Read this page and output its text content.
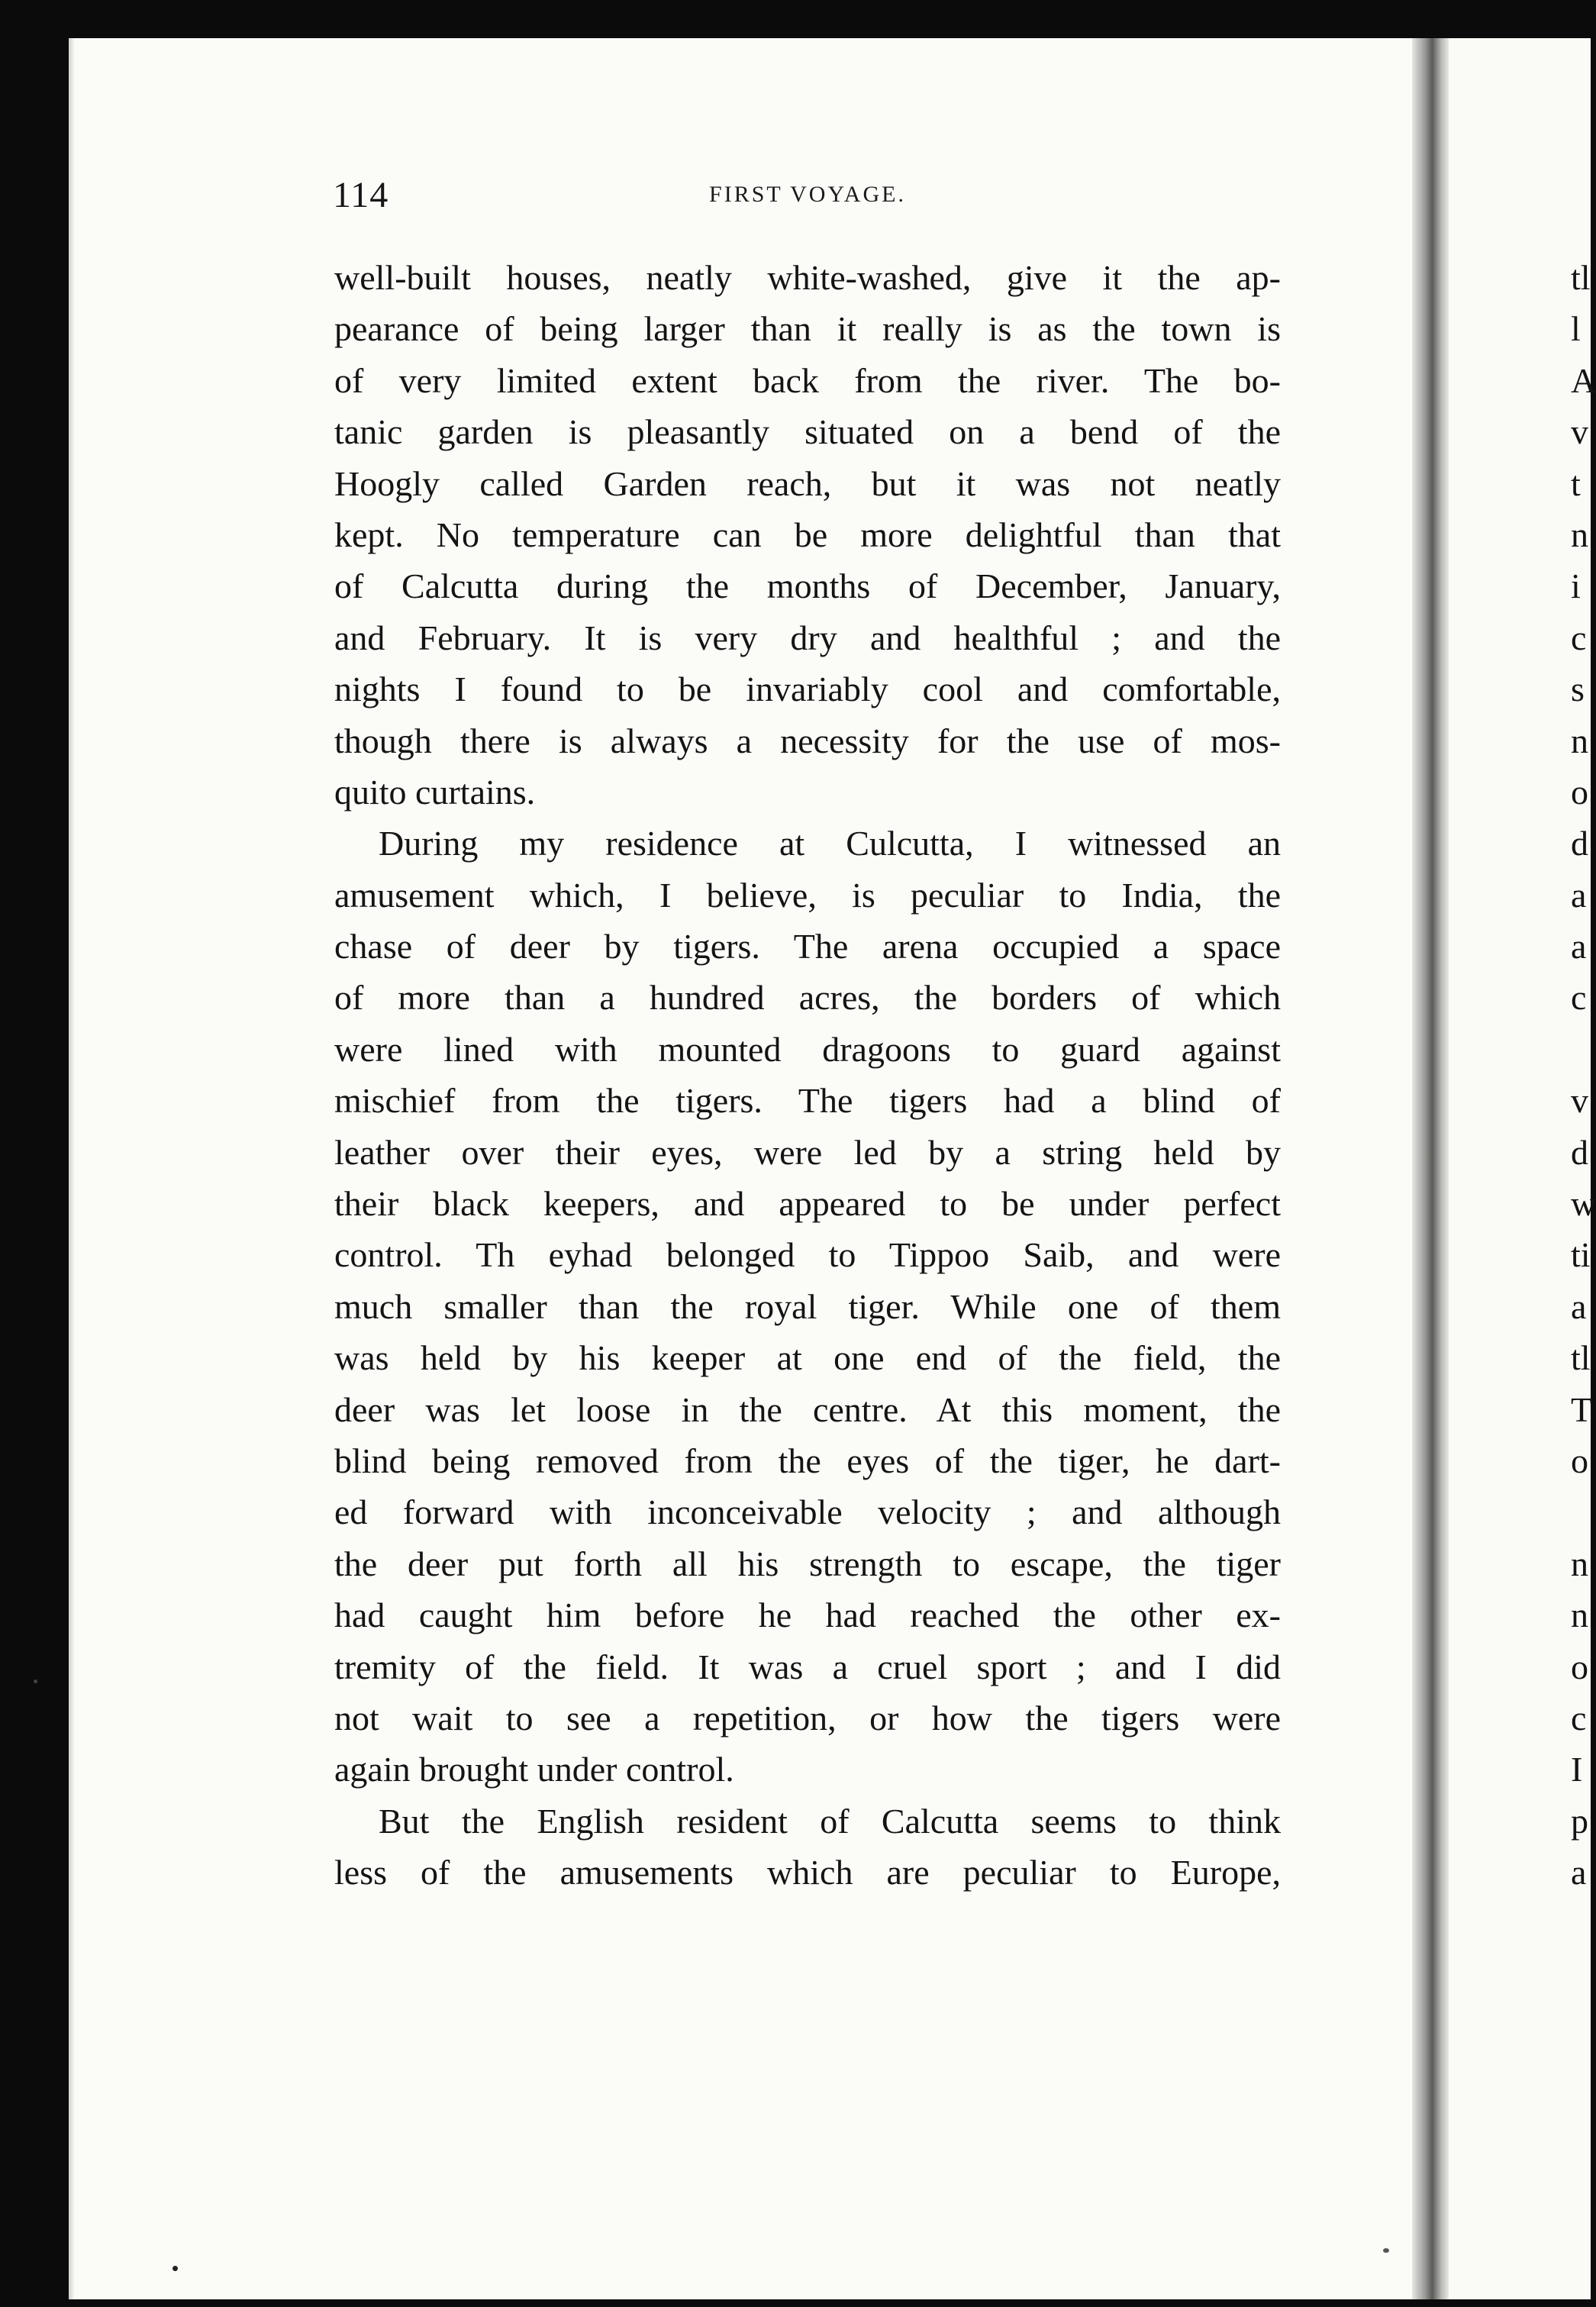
114	FIRST VOYAGE.
well-built houses, neatly white-washed, give it the ap-
pearance of being larger than it really is as the town is
of very limited extent back from the river. The bo-
tanic garden is pleasantly situated on a bend of the
Hoogly called Garden reach, but it was not neatly
kept. No temperature can be more delightful than that
of Calcutta during the months of December, January,
and February. It is very dry and healthful ; and the
nights I found to be invariably cool and comfortable,
though there is always a necessity for the use of mos-
quito curtains.
During my residence at Culcutta, I witnessed an
amusement which, I believe, is peculiar to India, the
chase of deer by tigers. The arena occupied a space
of more than a hundred acres, the borders of which
were lined with mounted dragoons to guard against
mischief from the tigers. The tigers had a blind of
leather over their eyes, were led by a string held by
their black keepers, and appeared to be under perfect
control. Th eyhad belonged to Tippoo Saib, and were
much smaller than the royal tiger. While one of them
was held by his keeper at one end of the field, the
deer was let loose in the centre. At this moment, the
blind being removed from the eyes of the tiger, he dart-
ed forward with inconceivable velocity ; and although
the deer put forth all his strength to escape, the tiger
had caught him before he had reached the other ex-
tremity of the field. It was a cruel sport ; and I did
not wait to see a repetition, or how the tigers were
again brought under control.
But the English resident of Calcutta seems to think
less of the amusements which are peculiar to Europe,
tl
l
A
v
t
n
i
c
s
n
o
d
a
a
c
v
d
w
ti
a
tl
T
o
n
n
o
c
I
p
a
